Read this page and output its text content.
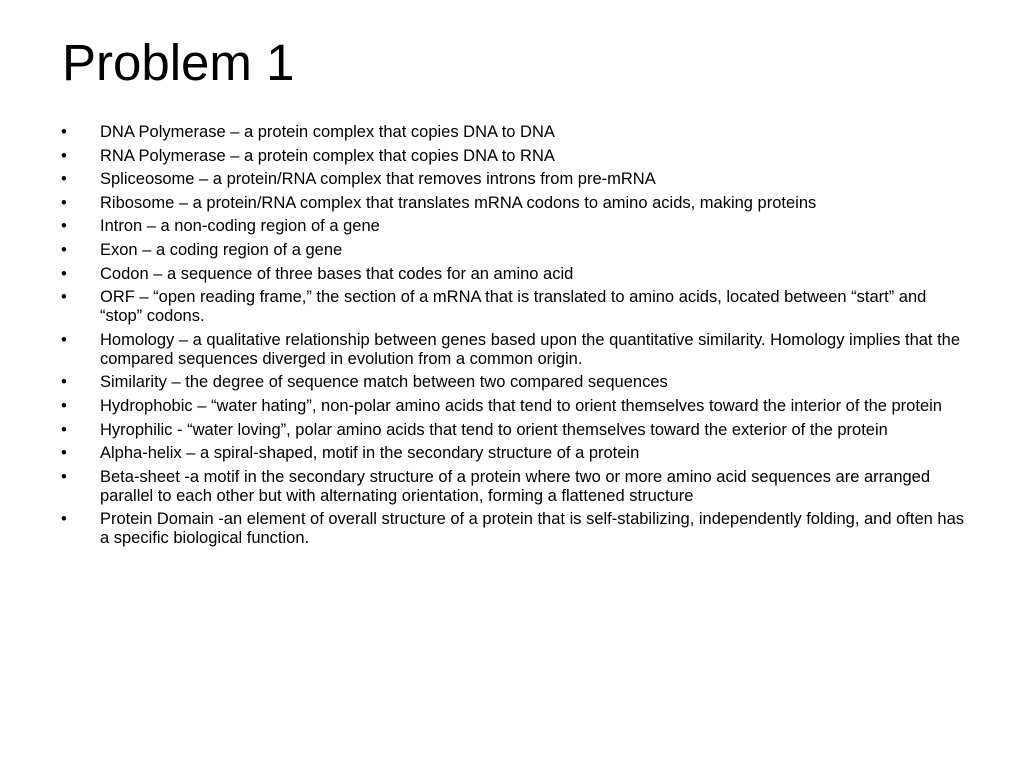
Problem 1
• DNA Polymerase – a protein complex that copies DNA to DNA
• RNA Polymerase – a protein complex that copies DNA to RNA
• Spliceosome – a protein/RNA complex that removes introns from pre-mRNA
• Ribosome – a protein/RNA complex that translates mRNA codons to amino acids, making proteins
• Intron – a non-coding region of a gene
• Exon – a coding region of a gene
• Codon – a sequence of three bases that codes for an amino acid
• ORF – “open reading frame,” the section of a mRNA that is translated to amino acids, located between “start” and “stop” codons.
• Homology – a qualitative relationship between genes based upon the quantitative similarity. Homology implies that the compared sequences diverged in evolution from a common origin.
• Similarity – the degree of sequence match between two compared sequences
• Hydrophobic – “water hating”, non-polar amino acids that tend to orient themselves toward the interior of the protein
• Hyrophilic - “water loving”, polar amino acids that tend to orient themselves toward the exterior of the protein
• Alpha-helix – a spiral-shaped, motif in the secondary structure of a protein
• Beta-sheet -a motif in the secondary structure of a protein where two or more amino acid sequences are arranged parallel to each other but with alternating orientation, forming a flattened structure
• Protein Domain -an element of overall structure of a protein that is self-stabilizing, independently folding, and often has a specific biological function.
